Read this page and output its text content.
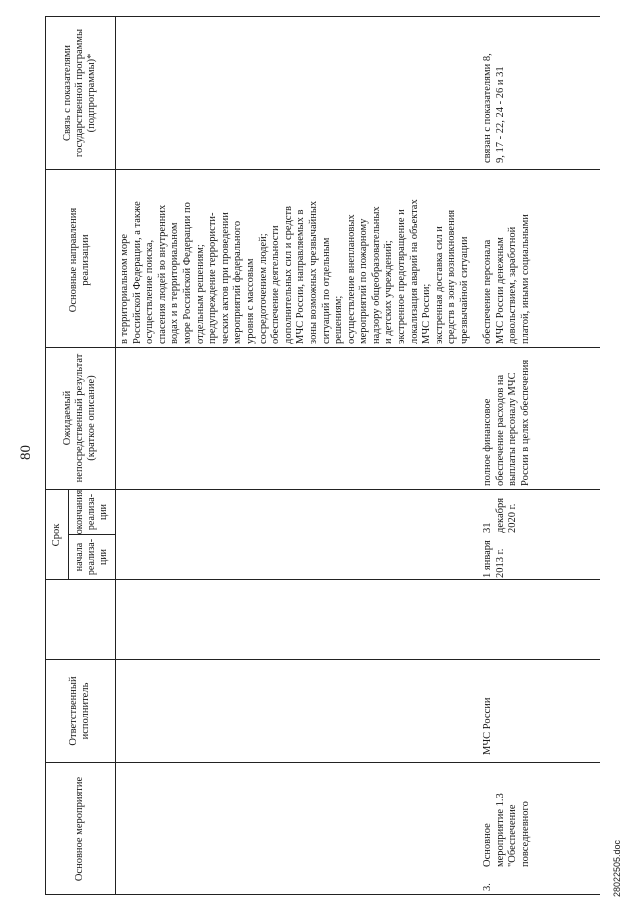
80
Основное мероприятие
Ответственный исполнитель
Срок
начала реализа-ции
окончания реализа-ции
Ожидаемый непосредственный результат (краткое описание)
Основные направления реализации
Связь с показателями государственной программы (подпрограммы)*
в территориальном море
Российской Федерации, а также
осуществление поиска,
спасения людей во внутренних
водах и в территориальном
море Российской Федерации по
отдельным решениям;
предупреждение террористи-
ческих актов при проведении
мероприятий федерального
уровня с массовым
сосредоточением людей;
обеспечение деятельности
дополнительных сил и средств
МЧС России, направляемых в
зоны возможных чрезвычайных
ситуаций по отдельным
решениям;
осуществление внеплановых
мероприятий по пожарному
надзору общеобразовательных
и детских учреждений;
экстренное предотвращение и
локализация аварий на объектах
МЧС России;
экстренная доставка сил и
средств в зону возникновения
чрезвычайной ситуации
3.
Основное
мероприятие 1.3
"Обеспечение
повседневного
МЧС России
1 января
2013 г.
31 декабря
2020 г.
полное финансовое
обеспечение расходов на
выплаты персоналу МЧС
России в целях обеспечения
обеспечение персонала
МЧС России денежным
довольствием, заработной
платой, иными социальными
связан с показателями 8,
9, 17 - 22, 24 - 26 и 31
28022505.doc
